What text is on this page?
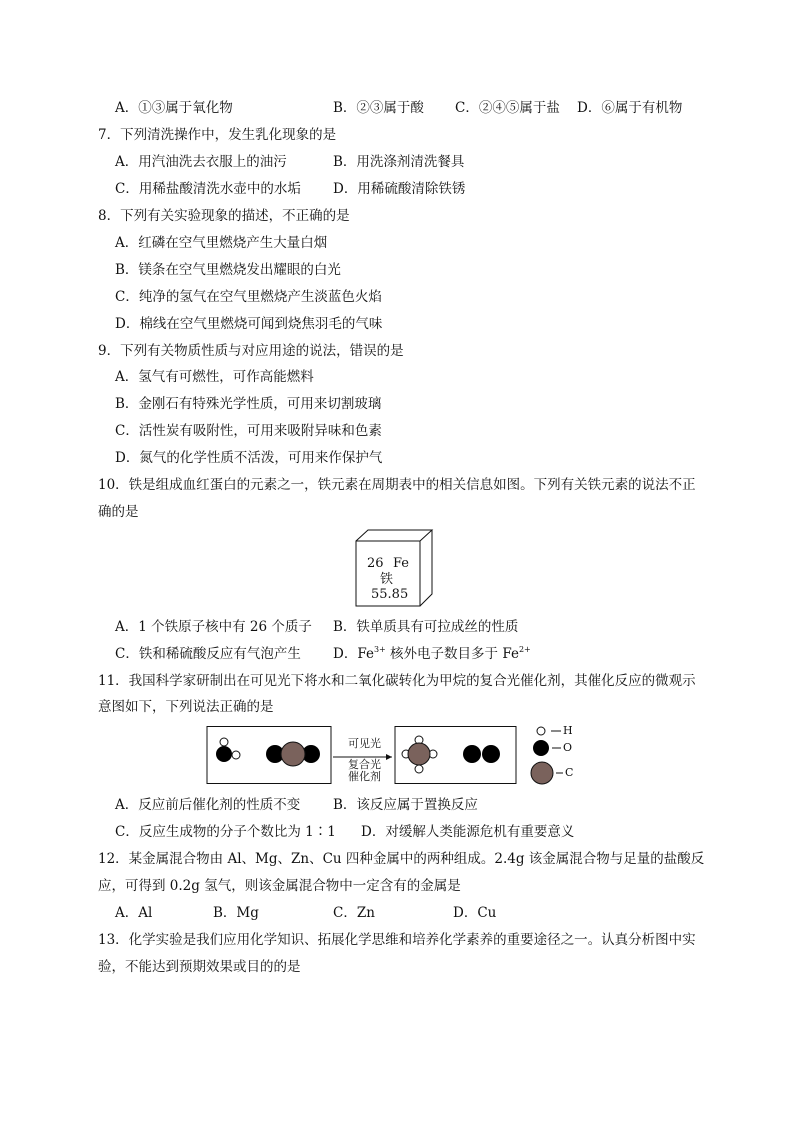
A．①③属于氧化物	B．②③属于酸 C．②④⑤属于盐 D．⑥属于有机物
7．下列清洗操作中，发生乳化现象的是
A．用汽油洗去衣服上的油污	B．用洗涤剂清洗餐具
C．用稀盐酸清洗水壶中的水垢 D．用稀硫酸清除铁锈
8．下列有关实验现象的描述，不正确的是
A．红磷在空气里燃烧产生大量白烟
B．镁条在空气里燃烧发出耀眼的白光
C．纯净的氢气在空气里燃烧产生淡蓝色火焰
D．棉线在空气里燃烧可闻到烧焦羽毛的气味
9．下列有关物质性质与对应用途的说法，错误的是
A．氢气有可燃性，可作高能燃料
B．金刚石有特殊光学性质，可用来切割玻璃
C．活性炭有吸附性，可用来吸附异味和色素
D．氮气的化学性质不活泼，可用来作保护气
10．铁是组成血红蛋白的元素之一，铁元素在周期表中的相关信息如图。下列有关铁元素的说法不正
确的是
26 Fe
铁
55.85
A．1 个铁原子核中有 26 个质子 B．铁单质具有可拉成丝的性质
C．铁和稀硫酸反应有气泡产生 D．$Fe^{3+}$ 核外电子数目多于 $Fe^{2+}$
11．我国科学家研制出在可见光下将水和二氧化碳转化为甲烷的复合光催化剂，其催化反应的微观示
意图如下，下列说法正确的是
可见光
复合光
催化剂
H
O
C
A．反应前后催化剂的性质不变 B．该反应属于置换反应
C．反应生成物的分子个数比为 1∶1 D．对缓解人类能源危机有重要意义
12．某金属混合物由 Al、Mg、Zn、Cu 四种金属中的两种组成。2.4g 该金属混合物与足量的盐酸反
应，可得到 0.2g 氢气，则该金属混合物中一定含有的金属是
A．Al	B．Mg	C．Zn	D．Cu
13．化学实验是我们应用化学知识、拓展化学思维和培养化学素养的重要途径之一。认真分析图中实
验，不能达到预期效果或目的的是
